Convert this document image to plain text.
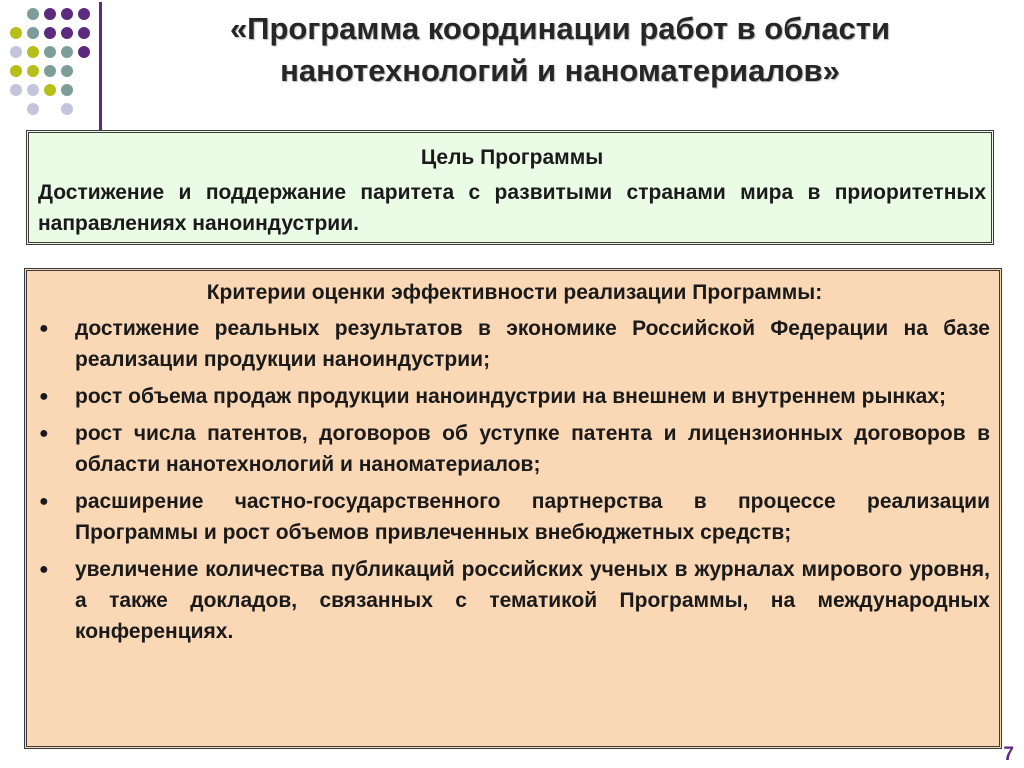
«Программа координации работ в области нанотехнологий и наноматериалов»
Цель Программы
Достижение и поддержание паритета с развитыми странами мира в приоритетных направлениях наноиндустрии.
Критерии оценки эффективности реализации Программы:
● достижение реальных результатов в экономике Российской Федерации на базе реализации продукции наноиндустрии;
● рост объема продаж продукции наноиндустрии на внешнем и внутреннем рынках;
● рост числа патентов, договоров об уступке патента и лицензионных договоров в области нанотехнологий и наноматериалов;
● расширение частно-государственного партнерства в процессе реализации Программы и рост объемов привлеченных внебюджетных средств;
● увеличение количества публикаций российских ученых в журналах мирового уровня, а также докладов, связанных с тематикой Программы, на международных конференциях.
7
